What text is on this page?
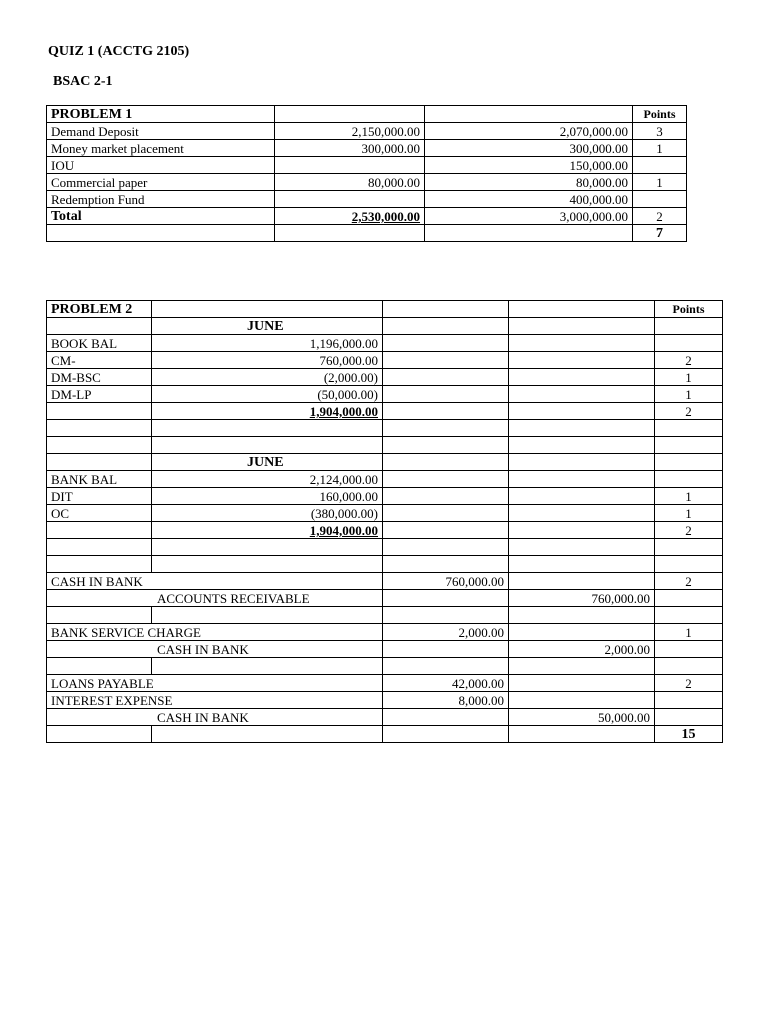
QUIZ 1 (ACCTG 2105)
BSAC 2-1
PROBLEM 1			Points
Demand Deposit	2,150,000.00	2,070,000.00	3
Money market placement	300,000.00	300,000.00	1
IOU		150,000.00	
Commercial paper	80,000.00	80,000.00	1
Redemption Fund		400,000.00	
Total	2,530,000.00	3,000,000.00	2
			7
PROBLEM 2				Points
	JUNE			
BOOK BAL	1,196,000.00			
CM-	760,000.00			2
DM-BSC	(2,000.00)			1
DM-LP	(50,000.00)			1
	1,904,000.00			2

	JUNE			
BANK BAL	2,124,000.00			
DIT	160,000.00			1
OC	(380,000.00)			1
	1,904,000.00			2

CASH IN BANK		760,000.00		2
ACCOUNTS RECEIVABLE			760,000.00	

BANK SERVICE CHARGE		2,000.00		1
CASH IN BANK			2,000.00	

LOANS PAYABLE		42,000.00		2
INTEREST EXPENSE		8,000.00		
CASH IN BANK			50,000.00	
				15
